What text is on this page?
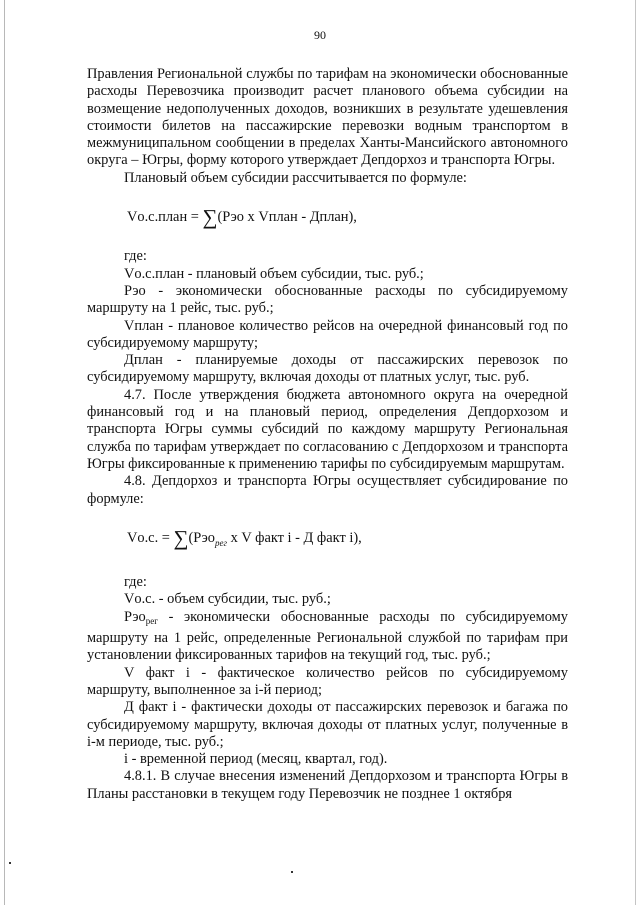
90

Правления Региональной службы по тарифам на экономически обоснованные расходы Перевозчика производит расчет планового объема субсидии на возмещение недополученных доходов, возникших в результате удешевления стоимости билетов на пассажирские перевозки водным транспортом в межмуниципальном сообщении в пределах Ханты-Мансийского автономного округа – Югры, форму которого утверждает Депдорхоз и транспорта Югры.

Плановый объем субсидии рассчитывается по формуле:

Vо.с.план = ∑(Рэо х Vплан - Дплан),

где:

Vо.с.план - плановый объем субсидии, тыс. руб.;

Рэо - экономически обоснованные расходы по субсидируемому маршруту на 1 рейс, тыс. руб.;

Vплан - плановое количество рейсов на очередной финансовый год по субсидируемому маршруту;

Дплан - планируемые доходы от пассажирских перевозок по субсидируемому маршруту, включая доходы от платных услуг, тыс. руб.

4.7. После утверждения бюджета автономного округа на очередной финансовый год и на плановый период, определения Депдорхозом и транспорта Югры суммы субсидий по каждому маршруту Региональная служба по тарифам утверждает по согласованию с Депдорхозом и транспорта Югры фиксированные к применению тарифы по субсидируемым маршрутам.

4.8. Депдорхоз и транспорта Югры осуществляет субсидирование по формуле:

Vо.с. = ∑(Рэо$_{рег}$ х V факт i - Д факт i),

где:

Vо.с. - объем субсидии, тыс. руб.;

Рэо$_{рег}$ - экономически обоснованные расходы по субсидируемому маршруту на 1 рейс, определенные Региональной службой по тарифам при установлении фиксированных тарифов на текущий год, тыс. руб.;

V факт i - фактическое количество рейсов по субсидируемому маршруту, выполненное за i-й период;

Д факт i - фактически доходы от пассажирских перевозок и багажа по субсидируемому маршруту, включая доходы от платных услуг, полученные в i-м периоде, тыс. руб.;

i - временной период (месяц, квартал, год).

4.8.1. В случае внесения изменений Депдорхозом и транспорта Югры в Планы расстановки в текущем году Перевозчик не позднее 1 октября
